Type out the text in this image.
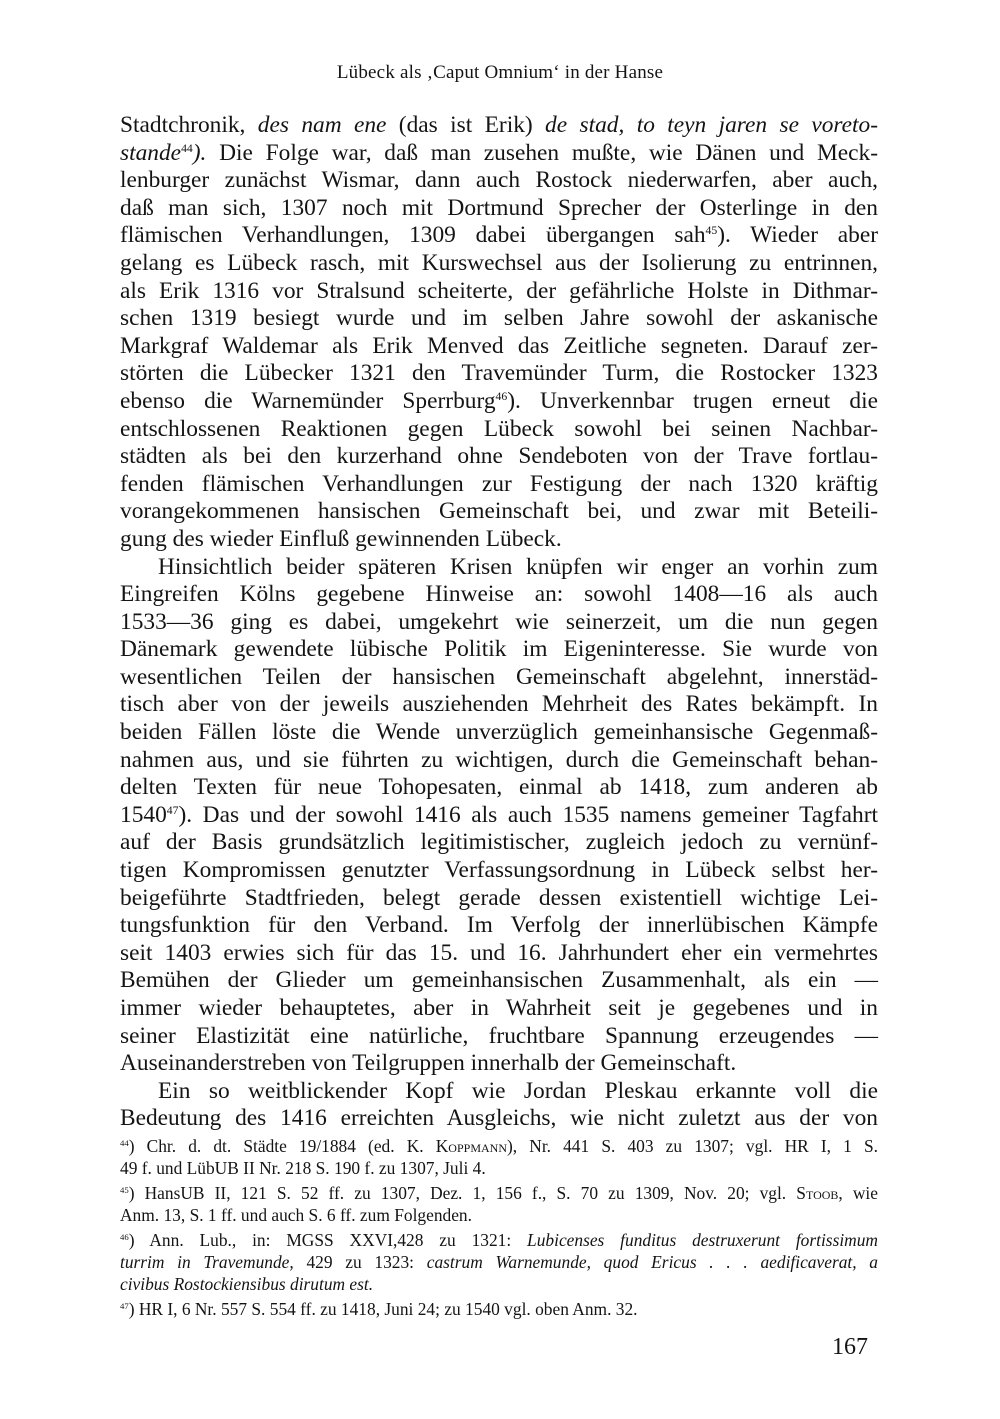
Lübeck als ‚Caput Omnium‘ in der Hanse
Stadtchronik, des nam ene (das ist Erik) de stad, to teyn jaren se voreto-
stande$^{44}$). Die Folge war, daß man zusehen mußte, wie Dänen und Meck-
lenburger zunächst Wismar, dann auch Rostock niederwarfen, aber auch,
daß man sich, 1307 noch mit Dortmund Sprecher der Osterlinge in den
flämischen Verhandlungen, 1309 dabei übergangen sah$^{45}$). Wieder aber
gelang es Lübeck rasch, mit Kurswechsel aus der Isolierung zu entrinnen,
als Erik 1316 vor Stralsund scheiterte, der gefährliche Holste in Dithmar-
schen 1319 besiegt wurde und im selben Jahre sowohl der askanische
Markgraf Waldemar als Erik Menved das Zeitliche segneten. Darauf zer-
störten die Lübecker 1321 den Travemünder Turm, die Rostocker 1323
ebenso die Warnemünder Sperrburg$^{46}$). Unverkennbar trugen erneut die
entschlossenen Reaktionen gegen Lübeck sowohl bei seinen Nachbar-
städten als bei den kurzerhand ohne Sendeboten von der Trave fortlau-
fenden flämischen Verhandlungen zur Festigung der nach 1320 kräftig
vorangekommenen hansischen Gemeinschaft bei, und zwar mit Beteili-
gung des wieder Einfluß gewinnenden Lübeck.
Hinsichtlich beider späteren Krisen knüpfen wir enger an vorhin zum
Eingreifen Kölns gegebene Hinweise an: sowohl 1408—16 als auch
1533—36 ging es dabei, umgekehrt wie seinerzeit, um die nun gegen
Dänemark gewendete lübische Politik im Eigeninteresse. Sie wurde von
wesentlichen Teilen der hansischen Gemeinschaft abgelehnt, innerstäd-
tisch aber von der jeweils ausziehenden Mehrheit des Rates bekämpft. In
beiden Fällen löste die Wende unverzüglich gemeinhansische Gegenmaß-
nahmen aus, und sie führten zu wichtigen, durch die Gemeinschaft behan-
delten Texten für neue Tohopesaten, einmal ab 1418, zum anderen ab
1540$^{47}$). Das und der sowohl 1416 als auch 1535 namens gemeiner Tagfahrt
auf der Basis grundsätzlich legitimistischer, zugleich jedoch zu vernünf-
tigen Kompromissen genutzter Verfassungsordnung in Lübeck selbst her-
beigeführte Stadtfrieden, belegt gerade dessen existentiell wichtige Lei-
tungsfunktion für den Verband. Im Verfolg der innerlübischen Kämpfe
seit 1403 erwies sich für das 15. und 16. Jahrhundert eher ein vermehrtes
Bemühen der Glieder um gemeinhansischen Zusammenhalt, als ein —
immer wieder behauptetes, aber in Wahrheit seit je gegebenes und in
seiner Elastizität eine natürliche, fruchtbare Spannung erzeugendes —
Auseinanderstreben von Teilgruppen innerhalb der Gemeinschaft.
Ein so weitblickender Kopf wie Jordan Pleskau erkannte voll die
Bedeutung des 1416 erreichten Ausgleichs, wie nicht zuletzt aus der von
$^{44}$) Chr. d. dt. Städte 19/1884 (ed. K. Koppmann), Nr. 441 S. 403 zu 1307; vgl. HR I, 1 S.
49 f. und LübUB II Nr. 218 S. 190 f. zu 1307, Juli 4.
$^{45}$) HansUB II, 121 S. 52 ff. zu 1307, Dez. 1, 156 f., S. 70 zu 1309, Nov. 20; vgl. Stoob, wie
Anm. 13, S. 1 ff. und auch S. 6 ff. zum Folgenden.
$^{46}$) Ann. Lub., in: MGSS XXVI,428 zu 1321: Lubicenses funditus destruxerunt fortissimum
turrim in Travemunde, 429 zu 1323: castrum Warnemunde, quod Ericus . . . aedificaverat, a
civibus Rostockiensibus dirutum est.
$^{47}$) HR I, 6 Nr. 557 S. 554 ff. zu 1418, Juni 24; zu 1540 vgl. oben Anm. 32.
167
